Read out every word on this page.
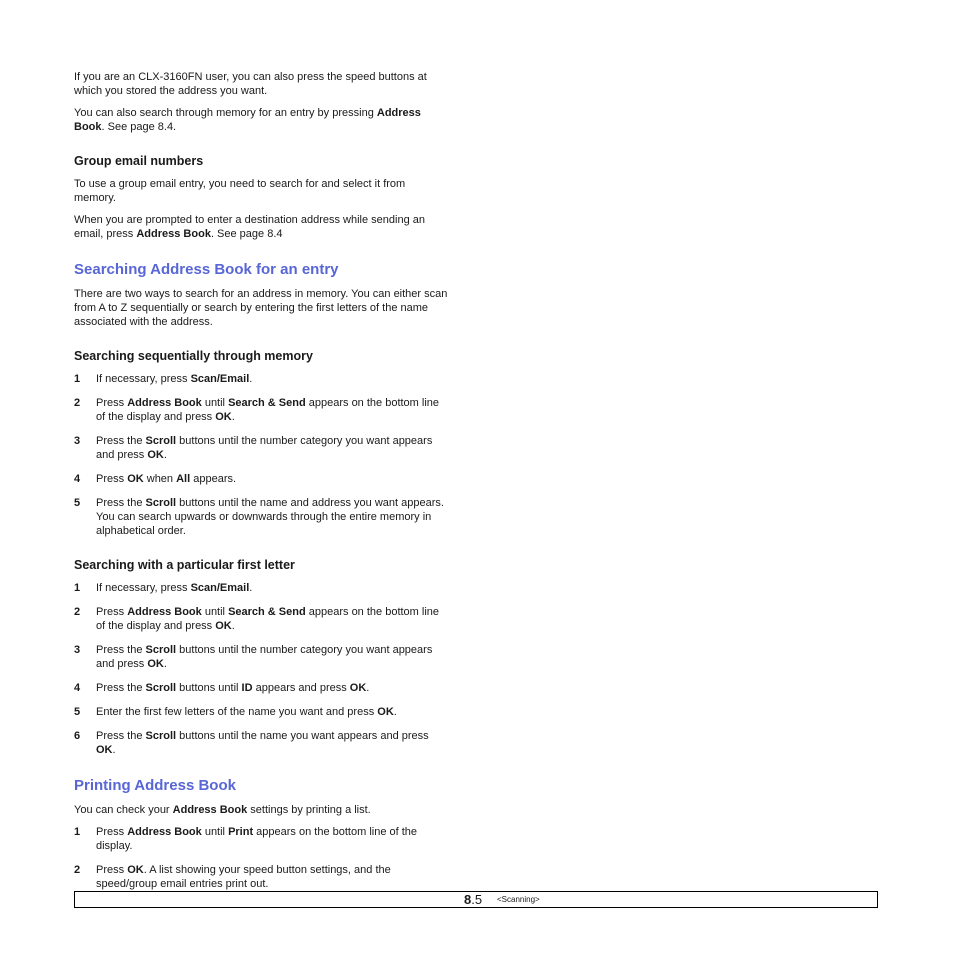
If you are an CLX-3160FN user, you can also press the speed buttons at which you stored the address you want.

You can also search through memory for an entry by pressing Address Book. See page 8.4.

Group email numbers

To use a group email entry, you need to search for and select it from memory.

When you are prompted to enter a destination address while sending an email, press Address Book. See page 8.4

Searching Address Book for an entry

There are two ways to search for an address in memory. You can either scan from A to Z sequentially or search by entering the first letters of the name associated with the address.

Searching sequentially through memory

1 If necessary, press Scan/Email.
2 Press Address Book until Search & Send appears on the bottom line of the display and press OK.
3 Press the Scroll buttons until the number category you want appears and press OK.
4 Press OK when All appears.
5 Press the Scroll buttons until the name and address you want appears. You can search upwards or downwards through the entire memory in alphabetical order.

Searching with a particular first letter

1 If necessary, press Scan/Email.
2 Press Address Book until Search & Send appears on the bottom line of the display and press OK.
3 Press the Scroll buttons until the number category you want appears and press OK.
4 Press the Scroll buttons until ID appears and press OK.
5 Enter the first few letters of the name you want and press OK.
6 Press the Scroll buttons until the name you want appears and press OK.

Printing Address Book

You can check your Address Book settings by printing a list.

1 Press Address Book until Print appears on the bottom line of the display.
2 Press OK. A list showing your speed button settings, and the speed/group email entries print out.
8.5 <Scanning>
